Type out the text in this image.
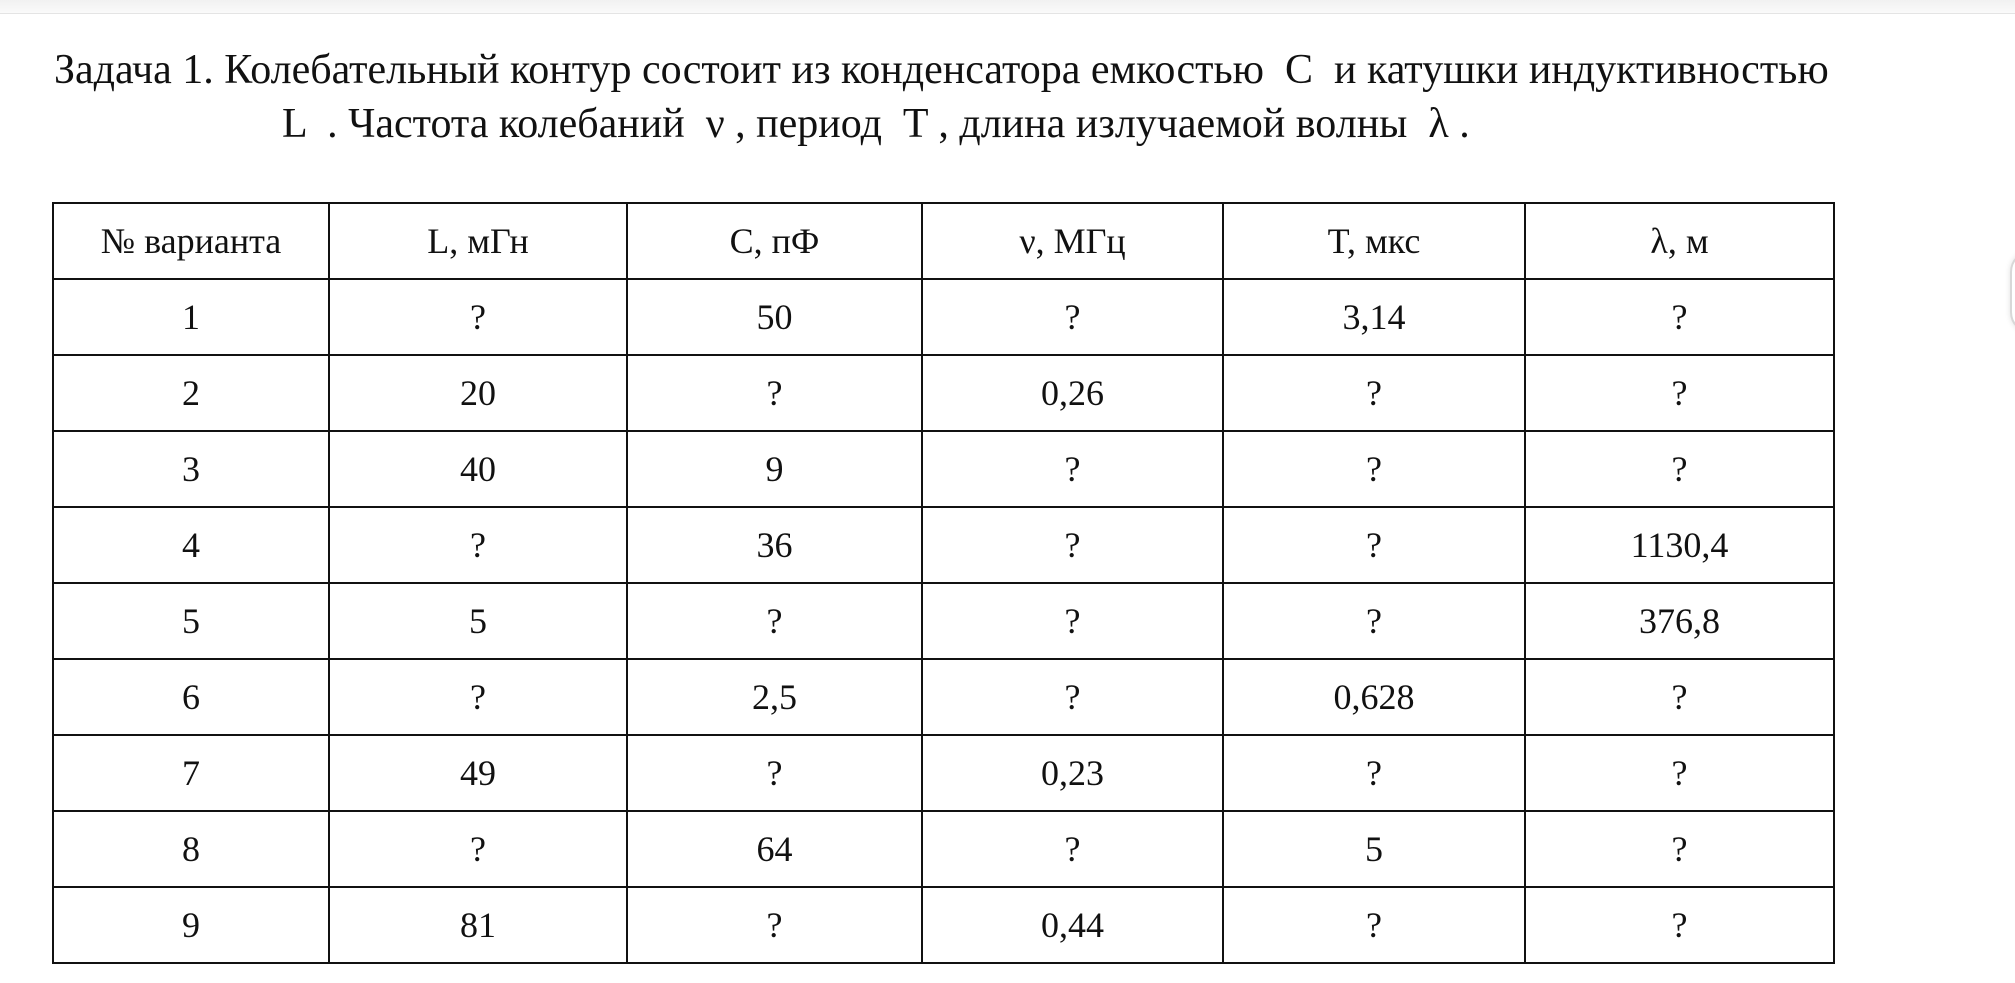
Задача 1. Колебательный контур состоит из конденсатора емкостью  C  и катушки индуктивностью
L  . Частота колебаний  ν , период  T , длина излучаемой волны  λ .
№ варианта	L, мГн	C, пФ	ν, МГц	T, мкс	λ, м
1	?	50	?	3,14	?
2	20	?	0,26	?	?
3	40	9	?	?	?
4	?	36	?	?	1130,4
5	5	?	?	?	376,8
6	?	2,5	?	0,628	?
7	49	?	0,23	?	?
8	?	64	?	5	?
9	81	?	0,44	?	?
